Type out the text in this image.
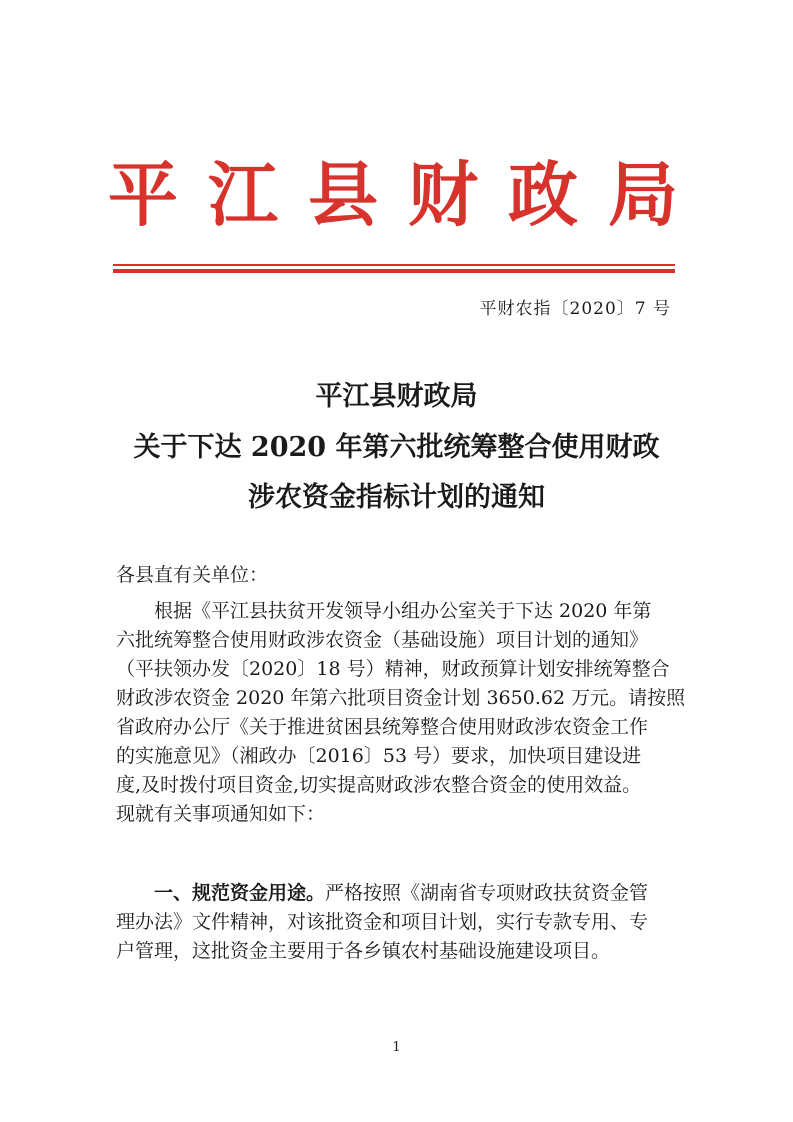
平 江 县 财 政 局
平财农指〔2020〕7 号
平江县财政局
关于下达 2020 年第六批统筹整合使用财政
涉农资金指标计划的通知
各县直有关单位：
根据《平江县扶贫开发领导小组办公室关于下达 2020 年第
六批统筹整合使用财政涉农资金（基础设施）项目计划的通知》
（平扶领办发〔2020〕18 号）精神，财政预算计划安排统筹整合
财政涉农资金 2020 年第六批项目资金计划 3650.62 万元。请按照
省政府办公厅《关于推进贫困县统筹整合使用财政涉农资金工作
的实施意见》（湘政办〔2016〕53 号）要求，加快项目建设进
度,及时拨付项目资金,切实提高财政涉农整合资金的使用效益。
现就有关事项通知如下：
一、规范资金用途。严格按照《湖南省专项财政扶贫资金管
理办法》文件精神，对该批资金和项目计划，实行专款专用、专
户管理，这批资金主要用于各乡镇农村基础设施建设项目。
1
